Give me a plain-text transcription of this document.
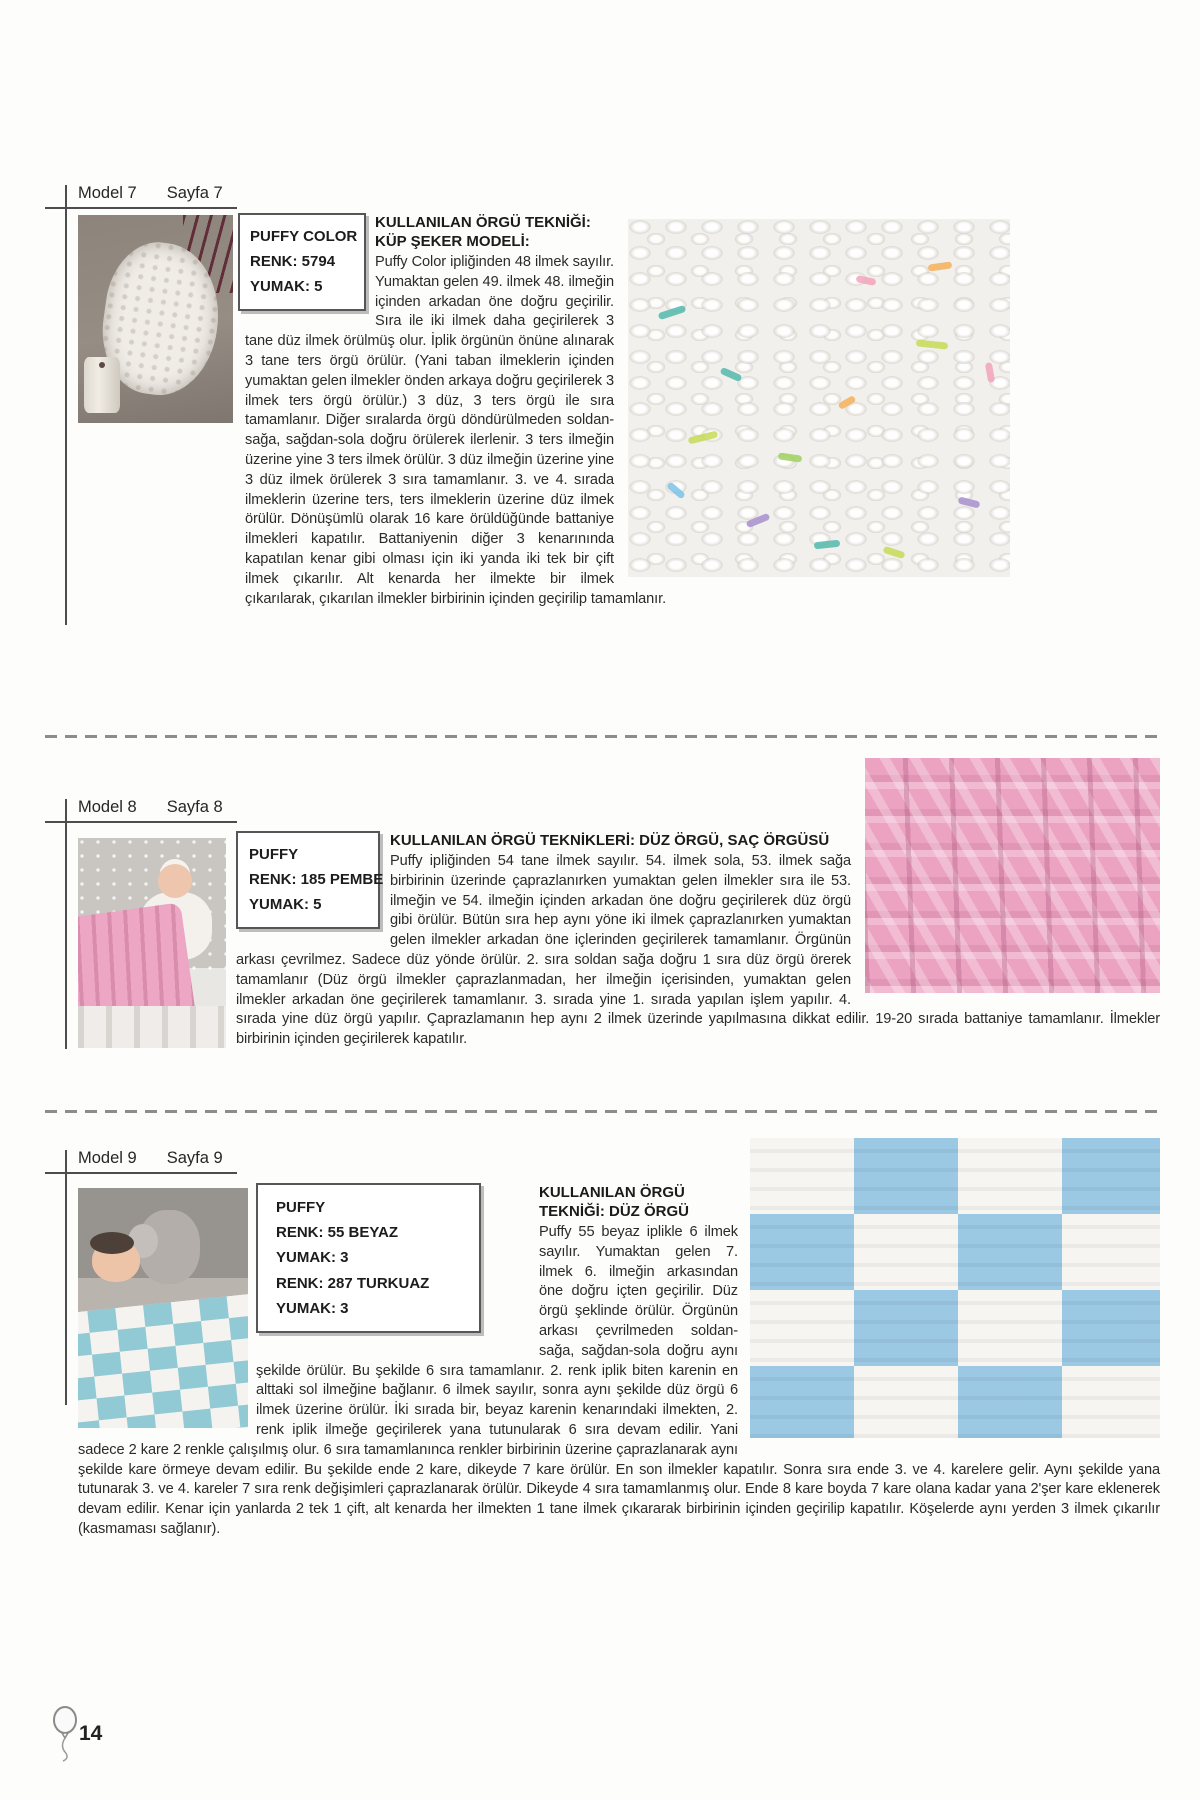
Model 7 Sayfa 7
PUFFY COLOR
RENK: 5794
YUMAK: 5
KULLANILAN ÖRGÜ TEKNİĞİ: KÜP ŞEKER MODELİ:

Puffy Color ipliğinden 48 ilmek sayılır. Yumaktan gelen 49. ilmek 48. ilmeğin içinden arkadan öne doğru geçirilir. Sıra ile iki ilmek daha geçirilerek 3 tane düz ilmek örülmüş olur. İplik örgünün önüne alınarak 3 tane ters örgü örülür. (Yani taban ilmeklerin içinden yumaktan gelen ilmekler önden arkaya doğru geçirilerek 3 ilmek ters örgü örülür.) 3 düz, 3 ters örgü ile sıra tamamlanır. Diğer sıralarda örgü döndürülmeden soldan-sağa, sağdan-sola doğru örülerek ilerlenir. 3 ters ilmeğin üzerine yine 3 ters ilmek örülür. 3 düz ilmeğin üzerine yine 3 düz ilmek örülerek 3 sıra tamamlanır. 3. ve 4. sırada ilmeklerin üzerine ters, ters ilmeklerin üzerine düz ilmek örülür. Dönüşümlü olarak 16 kare örüldüğünde battaniye ilmekleri kapatılır. Battaniyenin diğer 3 kenarınında kapatılan kenar gibi olması için iki yanda iki tek bir çift ilmek çıkarılır. Alt kenarda her ilmekte bir ilmek çıkarılarak, çıkarılan ilmekler birbirinin içinden geçirilip tamamlanır.

Model 8 Sayfa 8
PUFFY
RENK: 185 PEMBE
YUMAK: 5
KULLANILAN ÖRGÜ TEKNİKLERİ: DÜZ ÖRGÜ, SAÇ ÖRGÜSÜ

Puffy ipliğinden 54 tane ilmek sayılır. 54. ilmek sola, 53. ilmek sağa birbirinin üzerinde çaprazlanırken yumaktan gelen ilmekler sıra ile 53. ilmeğin ve 54. ilmeğin içinden arkadan öne doğru geçirilerek düz örgü gibi örülür. Bütün sıra hep aynı yöne iki ilmek çaprazlanırken yumaktan gelen ilmekler arkadan öne içlerinden geçirilerek tamamlanır. Örgünün arkası çevrilmez. Sadece düz yönde örülür. 2. sıra soldan sağa doğru 1 sıra düz örgü örerek tamamlanır (Düz örgü ilmekler çaprazlanmadan, her ilmeğin içerisinden, yumaktan gelen ilmekler arkadan öne geçirilerek tamamlanır. 3. sırada yine 1. sırada yapılan işlem yapılır. 4. sırada yine düz örgü yapılır. Çaprazlamanın hep aynı 2 ilmek üzerinde yapılmasına dikkat edilir. 19-20 sırada battaniye tamamlanır. İlmekler birbirinin içinden geçirilerek kapatılır.

Model 9 Sayfa 9
PUFFY
RENK: 55 BEYAZ
YUMAK: 3
RENK: 287 TURKUAZ
YUMAK: 3
KULLANILAN ÖRGÜ TEKNİĞİ: DÜZ ÖRGÜ

Puffy 55 beyaz iplikle 6 ilmek sayılır. Yumaktan gelen 7. ilmek 6. ilmeğin arkasından öne doğru içten geçirilir. Düz örgü şeklinde örülür. Örgünün arkası çevrilmeden soldan-sağa, sağdan-sola doğru aynı şekilde örülür. Bu şekilde 6 sıra tamamlanır. 2. renk iplik biten karenin en alttaki sol ilmeğine bağlanır. 6 ilmek sayılır, sonra aynı şekilde düz örgü 6 ilmek üzerine örülür. İki sırada bir, beyaz karenin kenarındaki ilmekten, 2. renk iplik ilmeğe geçirilerek yana tutunularak 6 sıra devam edilir. Yani sadece 2 kare 2 renkle çalışılmış olur. 6 sıra tamamlanınca renkler birbirinin üzerine çaprazlanarak aynı şekilde kare örmeye devam edilir. Bu şekilde ende 2 kare, dikeyde 7 kare örülür. En son ilmekler kapatılır. Sonra sıra ende 3. ve 4. karelere gelir. Aynı şekilde yana tutunarak 3. ve 4. kareler 7 sıra renk değişimleri çaprazlanarak örülür. Dikeyde 4 sıra tamamlanmış olur. Ende 8 kare boyda 7 kare olana kadar yana 2'şer kare eklenerek devam edilir. Kenar için yanlarda 2 tek 1 çift, alt kenarda her ilmekten 1 tane ilmek çıkararak birbirinin içinden geçirilip kapatılır. Köşelerde aynı yerden 3 ilmek çıkarılır (kasmaması sağlanır).

14
